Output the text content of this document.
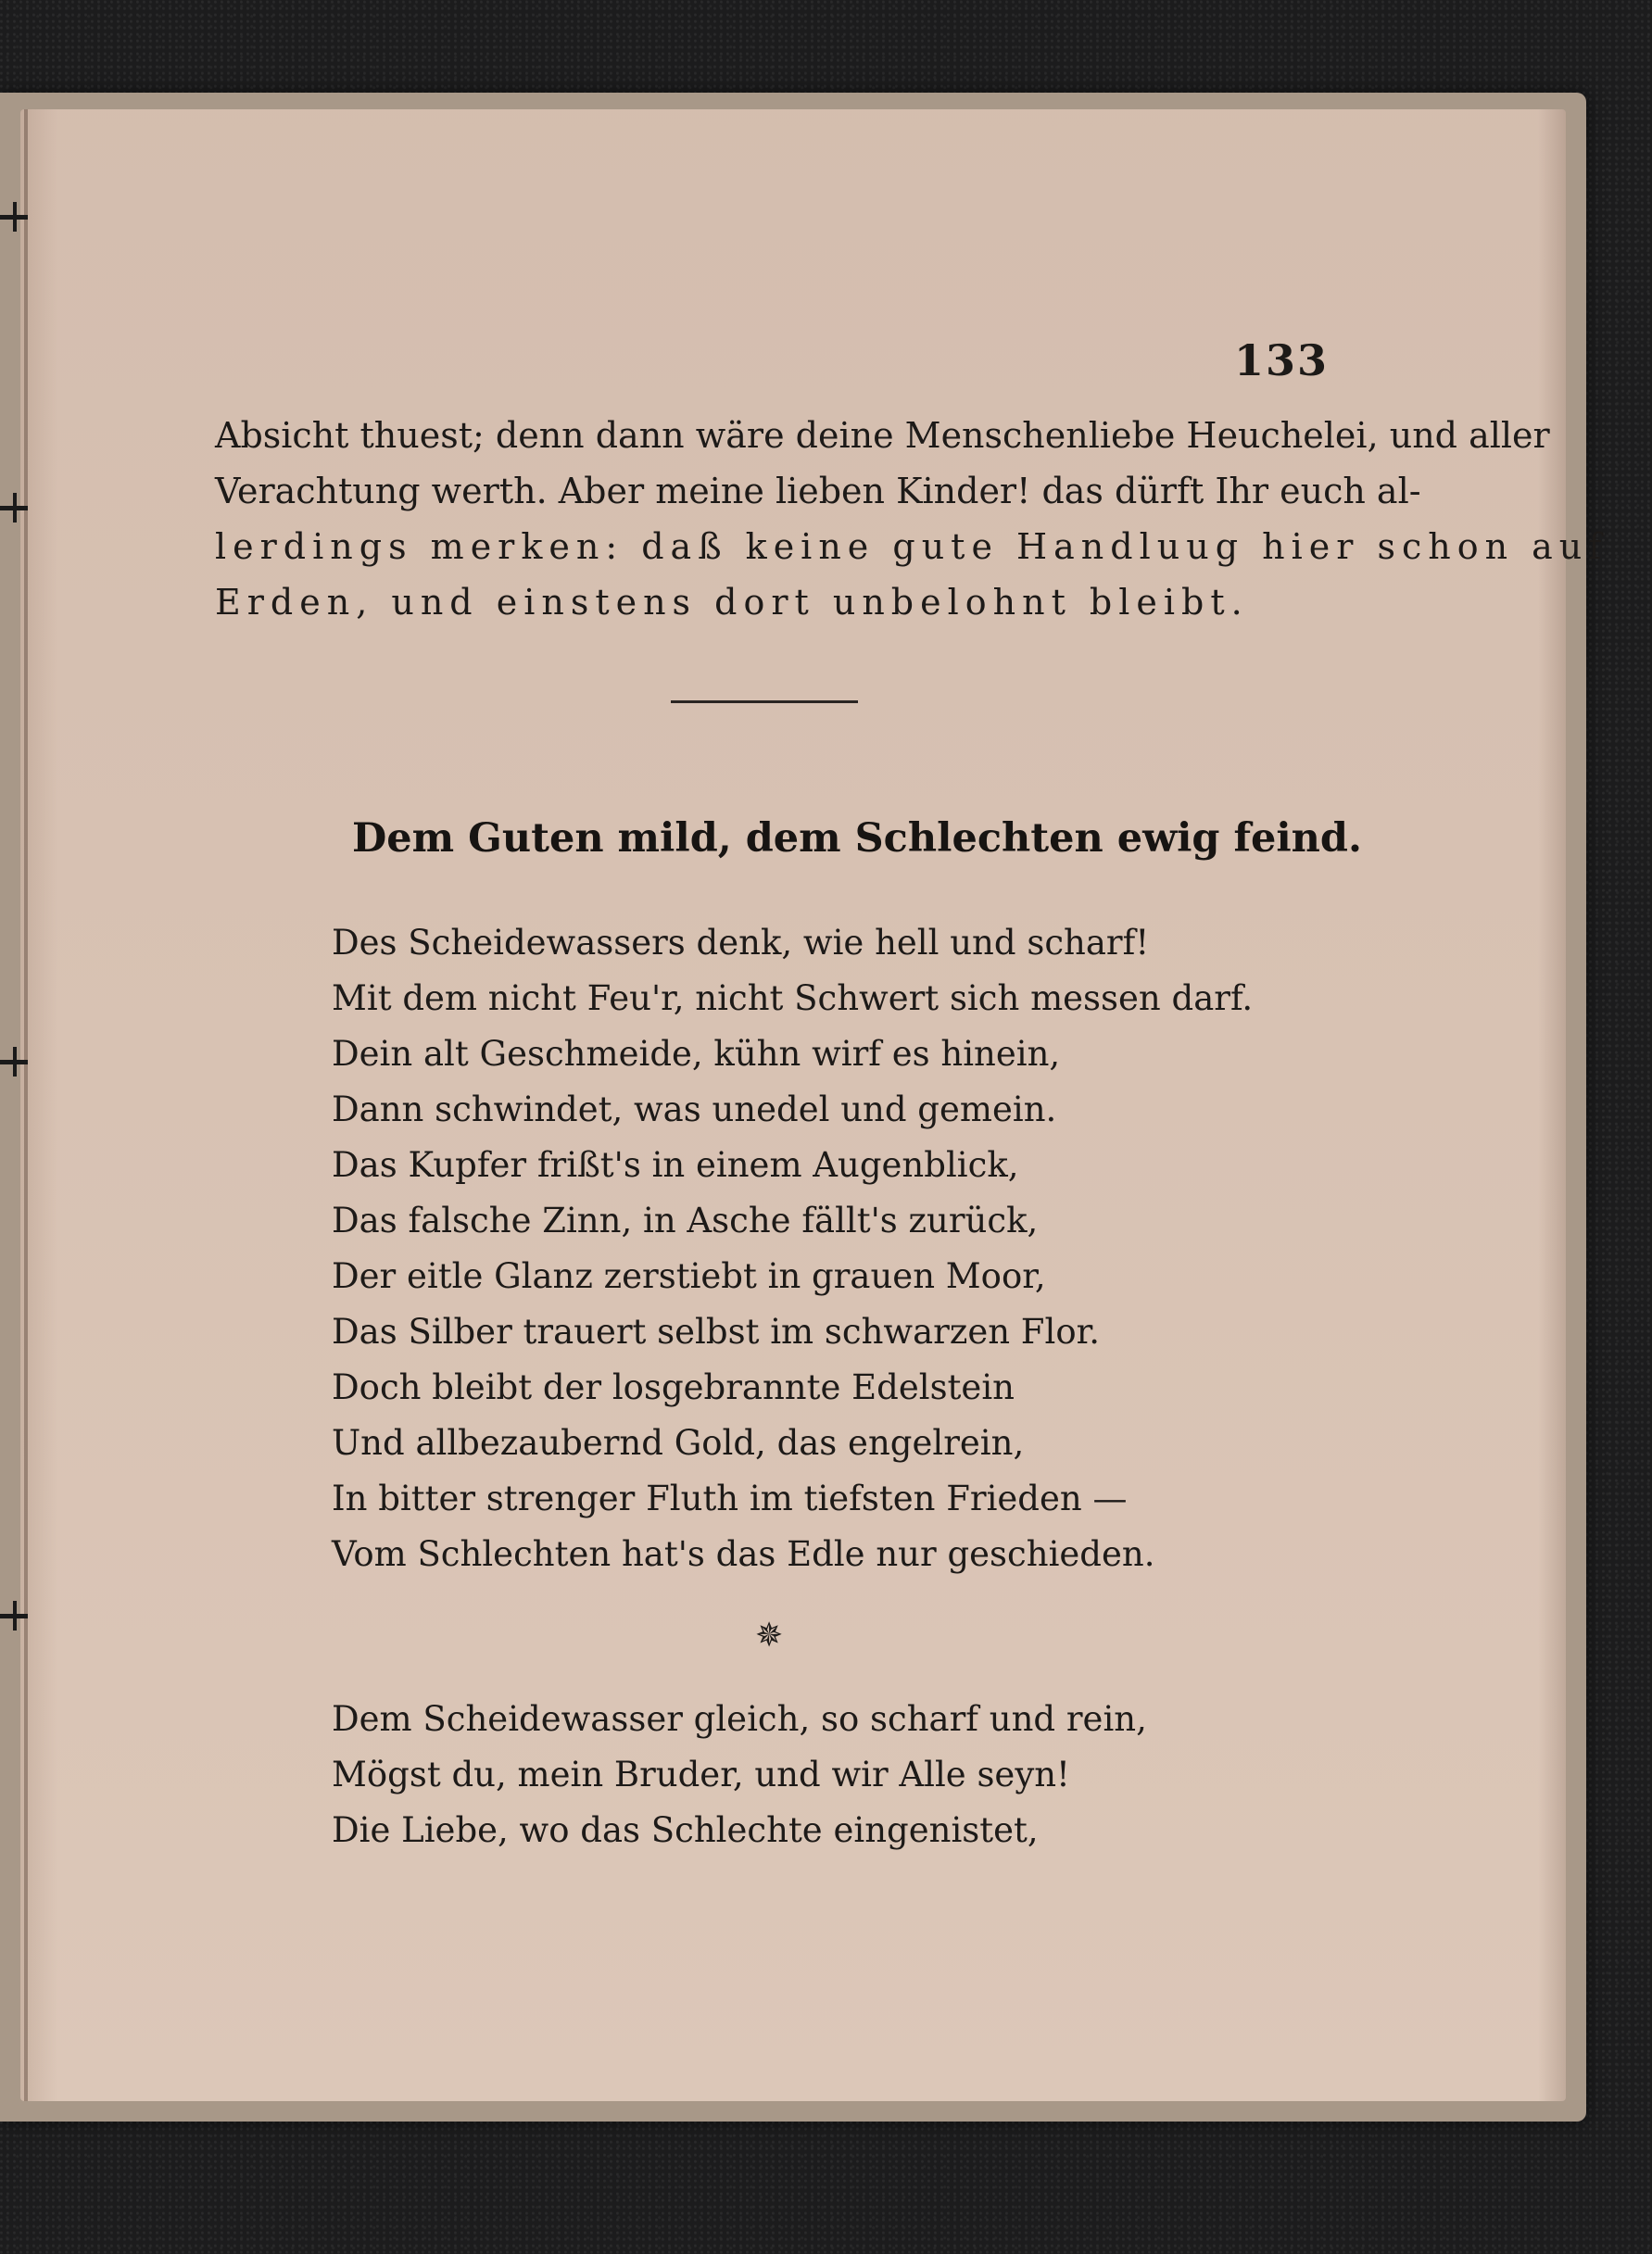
133
Absicht thuest; denn dann wäre deine Menschenliebe Heuchelei, und aller
Verachtung werth. Aber meine lieben Kinder! das dürft Ihr euch al-
lerdings merken: daß keine gute Handluug hier schon auf
Erden, und einstens dort unbelohnt bleibt.
Dem Guten mild, dem Schlechten ewig feind.
Des Scheidewassers denk, wie hell und scharf!
Mit dem nicht Feu'r, nicht Schwert sich messen darf.
Dein alt Geschmeide, kühn wirf es hinein,
Dann schwindet, was unedel und gemein.
Das Kupfer frißt's in einem Augenblick,
Das falsche Zinn, in Asche fällt's zurück,
Der eitle Glanz zerstiebt in grauen Moor,
Das Silber trauert selbst im schwarzen Flor.
Doch bleibt der losgebrannte Edelstein
Und allbezaubernd Gold, das engelrein,
In bitter strenger Fluth im tiefsten Frieden —
Vom Schlechten hat's das Edle nur geschieden.
✵
Dem Scheidewasser gleich, so scharf und rein,
Mögst du, mein Bruder, und wir Alle seyn!
Die Liebe, wo das Schlechte eingenistet,
